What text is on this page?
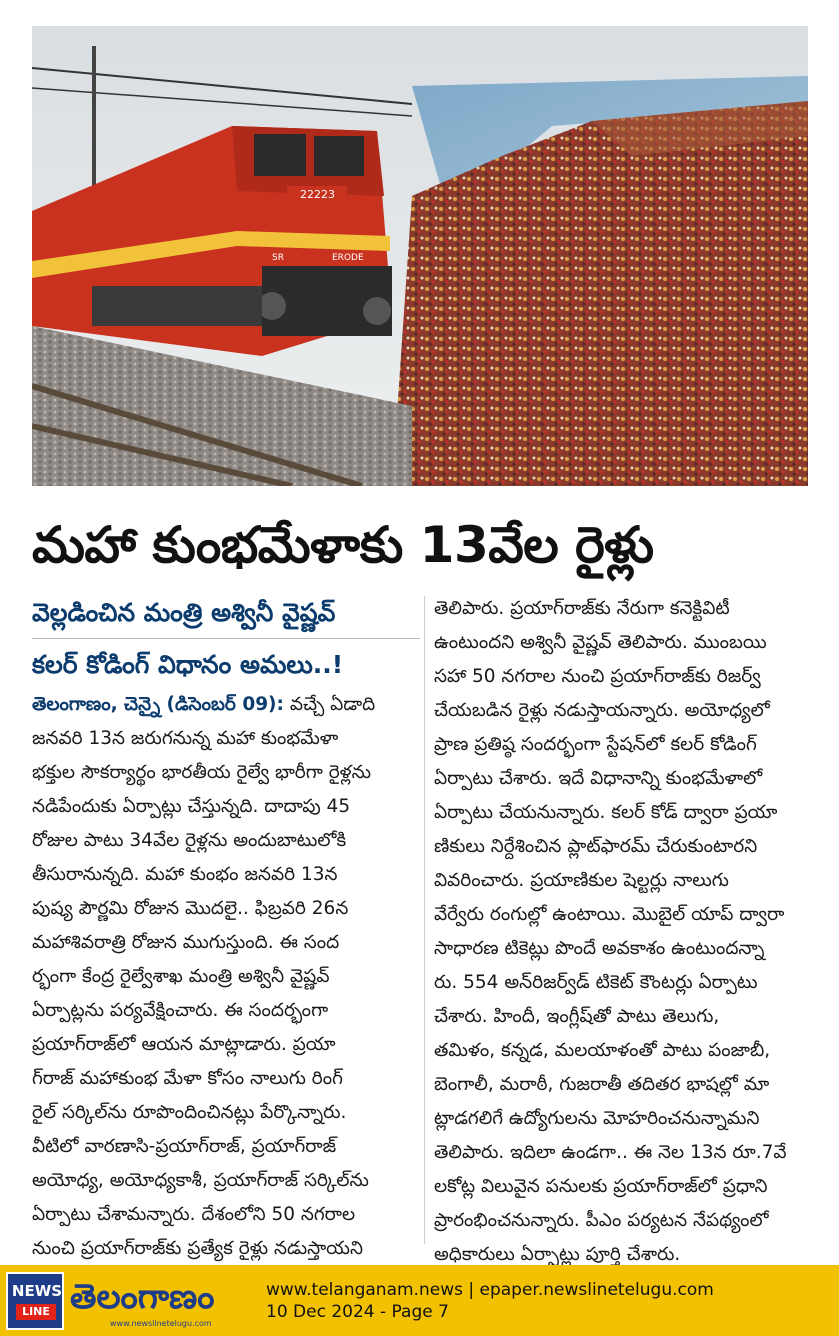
22223
SR	ERODE
మహా కుంభమేళాకు 13వేల రైళ్లు
వెల్లడించిన మంత్రి అశ్వినీ వైష్ణవ్
కలర్ కోడింగ్ విధానం అమలు..!
తెలంగాణం, చెన్నై (డిసెంబర్ 09): వచ్చే ఏడాది
జనవరి 13న జరుగనున్న మహా కుంభమేళా
భక్తుల సౌకర్యార్థం భారతీయ రైల్వే భారీగా రైళ్లను
నడిపేందుకు ఏర్పాట్లు చేస్తున్నది. దాదాపు 45
రోజుల పాటు 34వేల రైళ్లను అందుబాటులోకి
తీసురానున్నది. మహా కుంభం జనవరి 13న
పుష్య పౌర్ణమి రోజున మొదలై.. ఫిబ్రవరి 26న
మహాశివరాత్రి రోజున ముగుస్తుంది. ఈ సంద
ర్భంగా కేంద్ర రైల్వేశాఖ మంత్రి అశ్వినీ వైష్ణవ్
ఏర్పాట్లను పర్యవేక్షించారు. ఈ సందర్భంగా
ప్రయాగ్‌రాజ్‌లో ఆయన మాట్లాడారు. ప్రయా
గ్‌రాజ్ మహాకుంభ మేళా కోసం నాలుగు రింగ్
రైల్ సర్కిల్‌ను రూపొందించినట్లు పేర్కొన్నారు.
వీటిలో వారణాసి-ప్రయాగ్‌రాజ్, ప్రయాగ్‌రాజ్
అయోధ్య, అయోధ్యకాశీ, ప్రయాగ్‌రాజ్ సర్కిల్‌ను
ఏర్పాటు చేశామన్నారు. దేశంలోని 50 నగరాల
నుంచి ప్రయాగ్‌రాజ్‌కు ప్రత్యేక రైళ్లు నడుస్తాయని
తెలిపారు. ప్రయాగ్‌రాజ్‌కు నేరుగా కనెక్టివిటీ
ఉంటుందని అశ్వినీ వైష్ణవ్ తెలిపారు. ముంబయి
సహా 50 నగరాల నుంచి ప్రయాగ్‌రాజ్‌కు రిజర్వ్
చేయబడిన రైళ్లు నడుస్తాయన్నారు. అయోధ్యలో
ప్రాణ ప్రతిష్ఠ సందర్భంగా స్టేషన్‌లో కలర్ కోడింగ్
ఏర్పాటు చేశారు. ఇదే విధానాన్ని కుంభమేళాలో
ఏర్పాటు చేయనున్నారు. కలర్ కోడ్ ద్వారా ప్రయా
ణికులు నిర్దేశించిన ప్లాట్‌ఫారమ్ చేరుకుంటారని
వివరించారు. ప్రయాణికుల షెల్టర్లు నాలుగు
వేర్వేరు రంగుల్లో ఉంటాయి. మొబైల్ యాప్ ద్వారా
సాధారణ టికెట్లు పొందే అవకాశం ఉంటుందన్నా
రు. 554 అన్‌రిజర్వ్‌డ్ టికెట్ కౌంటర్లు ఏర్పాటు
చేశారు. హిందీ, ఇంగ్లీష్‌తో పాటు తెలుగు,
తమిళం, కన్నడ, మలయాళంతో పాటు పంజాబీ,
బెంగాలీ, మరాఠీ, గుజరాతీ తదితర భాషల్లో మా
ట్లాడగలిగే ఉద్యోగులను మోహరించనున్నామని
తెలిపారు. ఇదిలా ఉండగా.. ఈ నెల 13న రూ.7వే
లకోట్ల విలువైన పనులకు ప్రయాగ్‌రాజ్‌లో ప్రధాని
ప్రారంభించనున్నారు. పీఎం పర్యటన నేపథ్యంలో
అధికారులు ఏర్పాట్లు పూర్తి చేశారు.
NEWS
LINE తెలంగాణం
www.newslinetelugu.com
www.telanganam.news | epaper.newslinetelugu.com
10 Dec 2024 - Page 7
